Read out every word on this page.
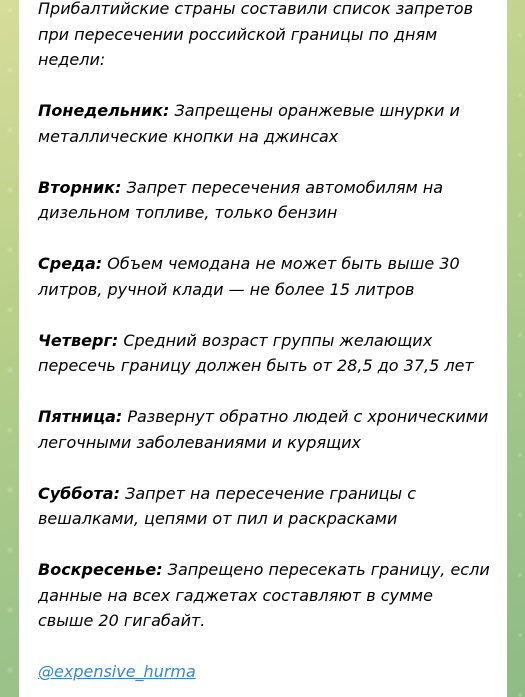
Прибалтийские страны составили список запретов при пересечении российской границы по дням недели:
Понедельник: Запрещены оранжевые шнурки и металлические кнопки на джинсах
Вторник: Запрет пересечения автомобилям на дизельном топливе, только бензин
Среда: Объем чемодана не может быть выше 30 литров, ручной клади — не более 15 литров
Четверг: Средний возраст группы желающих пересечь границу должен быть от 28,5 до 37,5 лет
Пятница: Развернут обратно людей с хроническими легочными заболеваниями и курящих
Суббота: Запрет на пересечение границы с вешалками, цепями от пил и раскрасками
Воскресенье: Запрещено пересекать границу, если данные на всех гаджетах составляют в сумме свыше 20 гигабайт.
@expensive_hurma
